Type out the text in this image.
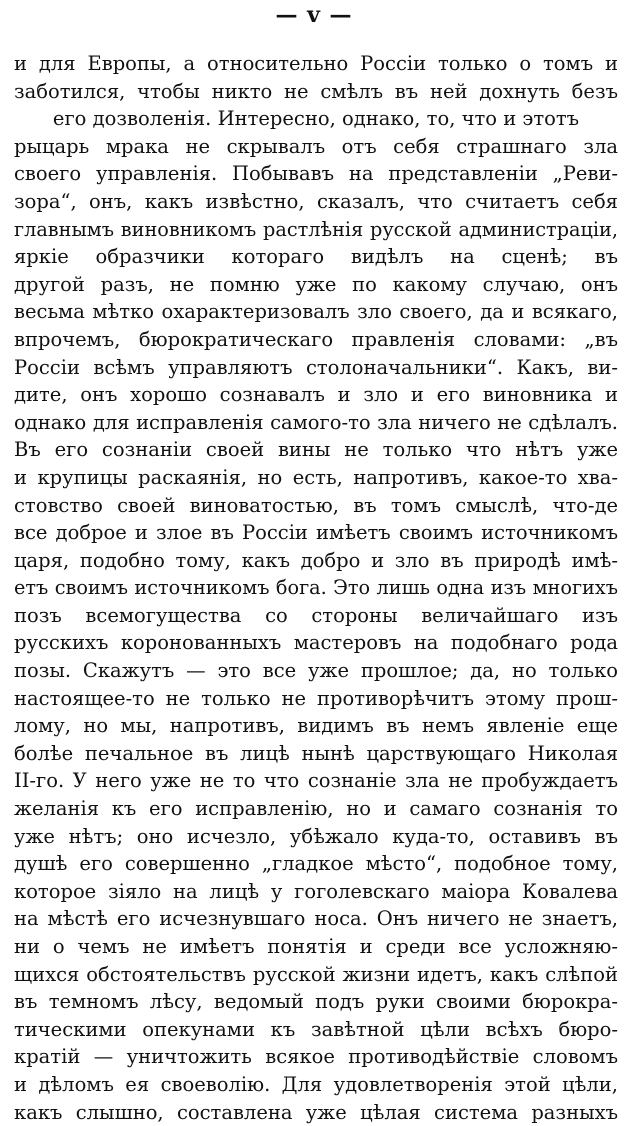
— v —
и для Европы, а относительно Россіи только о томъ и
заботился, чтобы никто не смѣлъ въ ней дохнуть безъ
его дозволенія. Интересно, однако, то, что и этотъ
рыцарь мрака не скрывалъ отъ себя страшнаго зла
своего управленія. Побывавъ на представленіи „Реви-
зора“, онъ, какъ извѣстно, сказалъ, что считаетъ себя
главнымъ виновникомъ растлѣнія русской администраціи,
яркіе образчики котораго видѣлъ на сценѣ; въ
другой разъ, не помню уже по какому случаю, онъ
весьма мѣтко охарактеризовалъ зло своего, да и всякаго,
впрочемъ, бюрократическаго правленія словами: „въ
Россіи всѣмъ управляютъ столоначальники“. Какъ, ви-
дите, онъ хорошо сознавалъ и зло и его виновника и
однако для исправленія самого-то зла ничего не сдѣлалъ.
Въ его сознаніи своей вины не только что нѣтъ уже
и крупицы раскаянія, но есть, напротивъ, какое-то хва-
стовство своей виноватостью, въ томъ смыслѣ, что-де
все доброе и злое въ Россіи имѣетъ своимъ источникомъ
царя, подобно тому, какъ добро и зло въ природѣ имѣ-
етъ своимъ источникомъ бога. Это лишь одна изъ многихъ
позъ всемогущества со стороны величайшаго изъ
русскихъ коронованныхъ мастеровъ на подобнаго рода
позы. Скажутъ — это все уже прошлое; да, но только
настоящее-то не только не противорѣчитъ этому прош-
лому, но мы, напротивъ, видимъ въ немъ явленіе еще
болѣе печальное въ лицѣ нынѣ царствующаго Николая
II-го. У него уже не то что сознаніе зла не пробуждаетъ
желанія къ его исправленію, но и самаго сознанія то
уже нѣтъ; оно исчезло, убѣжало куда-то, оставивъ въ
душѣ его совершенно „гладкое мѣсто“, подобное тому,
которое зіяло на лицѣ у гоголевскаго маіора Ковалева
на мѣстѣ его исчезнувшаго носа. Онъ ничего не знаетъ,
ни о чемъ не имѣетъ понятія и среди все усложняю-
щихся обстоятельствъ русской жизни идетъ, какъ слѣпой
въ темномъ лѣсу, ведомый подъ руки своими бюрокра-
тическими опекунами къ завѣтной цѣли всѣхъ бюро-
кратій — уничтожить всякое противодѣйствіе словомъ
и дѣломъ ея своеволію. Для удовлетворенія этой цѣли,
какъ слышно, составлена уже цѣлая система разныхъ
